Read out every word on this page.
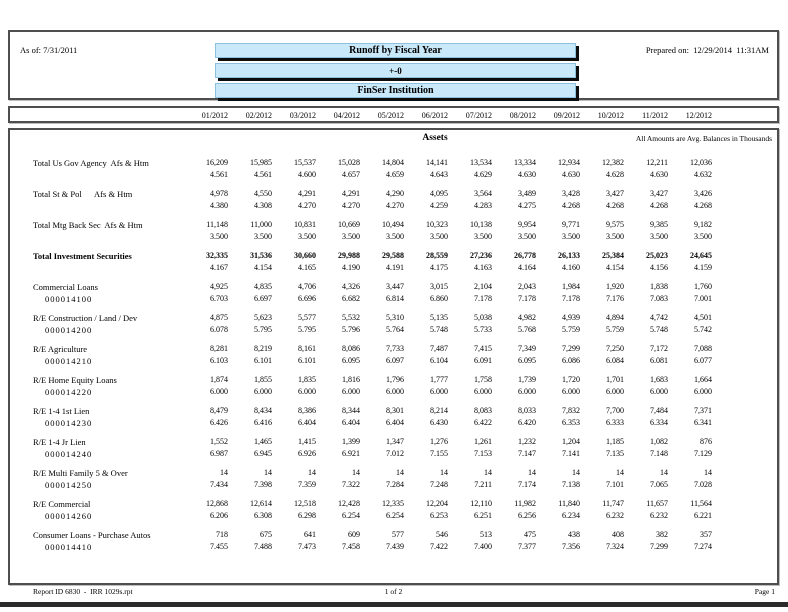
As of: 7/31/2011	Runoff by Fiscal Year
+-0
FinSer Institution
Prepared on:  12/29/2014  11:31AM
01/2012	02/2012	03/2012	04/2012	05/2012	06/2012	07/2012	08/2012	09/2012	10/2012	11/2012	12/2012
Assets	All Amounts are Avg. Balances in Thousands
Total Us Gov Agency  Afs & Htm	16,209	15,985	15,537	15,028	14,804	14,141	13,534	13,334	12,934	12,382	12,211	12,036
4.561	4.561	4.600	4.657	4.659	4.643	4.629	4.630	4.630	4.628	4.630	4.632
Total St & Pol      Afs & Htm	4,978	4,550	4,291	4,291	4,290	4,095	3,564	3,489	3,428	3,427	3,427	3,426
4.380	4.308	4.270	4.270	4.270	4.259	4.283	4.275	4.268	4.268	4.268	4.268
Total Mtg Back Sec  Afs & Htm	11,148	11,000	10,831	10,669	10,494	10,323	10,138	9,954	9,771	9,575	9,385	9,182
3.500	3.500	3.500	3.500	3.500	3.500	3.500	3.500	3.500	3.500	3.500	3.500
Total Investment Securities	32,335	31,536	30,660	29,988	29,588	28,559	27,236	26,778	26,133	25,384	25,023	24,645
4.167	4.154	4.165	4.190	4.191	4.175	4.163	4.164	4.160	4.154	4.156	4.159
Commercial Loans	4,925	4,835	4,706	4,326	3,447	3,015	2,104	2,043	1,984	1,920	1,838	1,760
000014100	6.703	6.697	6.696	6.682	6.814	6.860	7.178	7.178	7.178	7.176	7.083	7.001
R/E Construction / Land / Dev	4,875	5,623	5,577	5,532	5,310	5,135	5,038	4,982	4,939	4,894	4,742	4,501
000014200	6.078	5.795	5.795	5.796	5.764	5.748	5.733	5.768	5.759	5.759	5.748	5.742
R/E Agriculture	8,281	8,219	8,161	8,086	7,733	7,487	7,415	7,349	7,299	7,250	7,172	7,088
000014210	6.103	6.101	6.101	6.095	6.097	6.104	6.091	6.095	6.086	6.084	6.081	6.077
R/E Home Equity Loans	1,874	1,855	1,835	1,816	1,796	1,777	1,758	1,739	1,720	1,701	1,683	1,664
000014220	6.000	6.000	6.000	6.000	6.000	6.000	6.000	6.000	6.000	6.000	6.000	6.000
R/E 1-4 1st Lien	8,479	8,434	8,386	8,344	8,301	8,214	8,083	8,033	7,832	7,700	7,484	7,371
000014230	6.426	6.416	6.404	6.404	6.404	6.430	6.422	6.420	6.353	6.333	6.334	6.341
R/E 1-4 Jr Lien	1,552	1,465	1,415	1,399	1,347	1,276	1,261	1,232	1,204	1,185	1,082	876
000014240	6.987	6.945	6.926	6.921	7.012	7.155	7.153	7.147	7.141	7.135	7.148	7.129
R/E Multi Family 5 & Over	14	14	14	14	14	14	14	14	14	14	14	14
000014250	7.434	7.398	7.359	7.322	7.284	7.248	7.211	7.174	7.138	7.101	7.065	7.028
R/E Commercial	12,868	12,614	12,518	12,428	12,335	12,204	12,110	11,982	11,840	11,747	11,657	11,564
000014260	6.206	6.308	6.298	6.254	6.254	6.253	6.251	6.256	6.234	6.232	6.232	6.221
Consumer Loans - Purchase Autos	718	675	641	609	577	546	513	475	438	408	382	357
000014410	7.455	7.488	7.473	7.458	7.439	7.422	7.400	7.377	7.356	7.324	7.299	7.274
Report ID 6830  -  IRR 1029s.rpt	1 of 2	Page 1
